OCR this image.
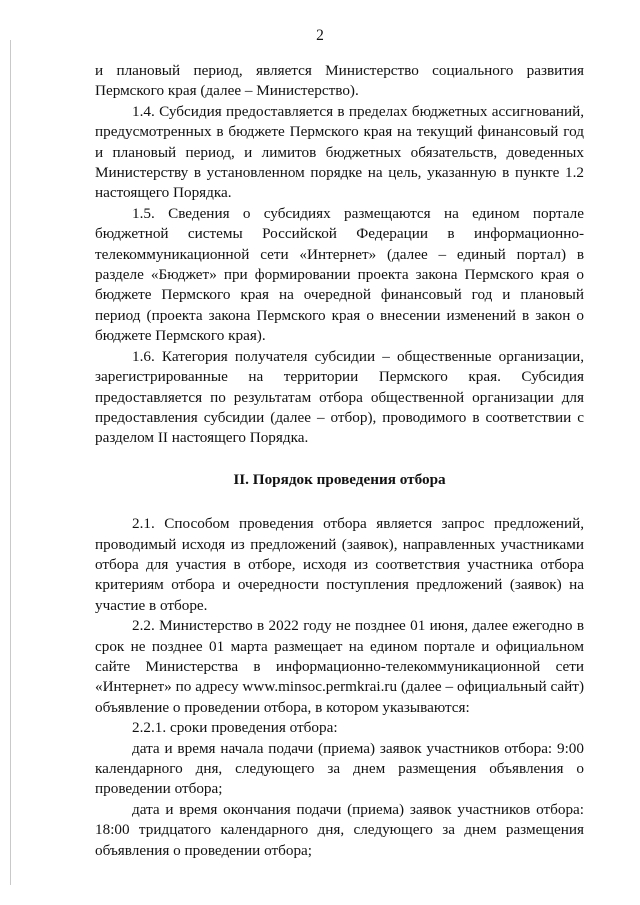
2

и плановый период, является Министерство социального развития Пермского края (далее – Министерство).

1.4. Субсидия предоставляется в пределах бюджетных ассигнований, предусмотренных в бюджете Пермского края на текущий финансовый год и плановый период, и лимитов бюджетных обязательств, доведенных Министерству в установленном порядке на цель, указанную в пункте 1.2 настоящего Порядка.

1.5. Сведения о субсидиях размещаются на едином портале бюджетной системы Российской Федерации в информационно-телекоммуникационной сети «Интернет» (далее – единый портал) в разделе «Бюджет» при формировании проекта закона Пермского края о бюджете Пермского края на очередной финансовый год и плановый период (проекта закона Пермского края о внесении изменений в закон о бюджете Пермского края).

1.6. Категория получателя субсидии – общественные организации, зарегистрированные на территории Пермского края. Субсидия предоставляется по результатам отбора общественной организации для предоставления субсидии (далее – отбор), проводимого в соответствии с разделом II настоящего Порядка.

II. Порядок проведения отбора

2.1. Способом проведения отбора является запрос предложений, проводимый исходя из предложений (заявок), направленных участниками отбора для участия в отборе, исходя из соответствия участника отбора критериям отбора и очередности поступления предложений (заявок) на участие в отборе.

2.2. Министерство в 2022 году не позднее 01 июня, далее ежегодно в срок не позднее 01 марта размещает на едином портале и официальном сайте Министерства в информационно-телекоммуникационной сети «Интернет» по адресу www.minsoc.permkrai.ru (далее – официальный сайт) объявление о проведении отбора, в котором указываются:

2.2.1. сроки проведения отбора:

дата и время начала подачи (приема) заявок участников отбора: 9:00 календарного дня, следующего за днем размещения объявления о проведении отбора;

дата и время окончания подачи (приема) заявок участников отбора: 18:00 тридцатого календарного дня, следующего за днем размещения объявления о проведении отбора;
